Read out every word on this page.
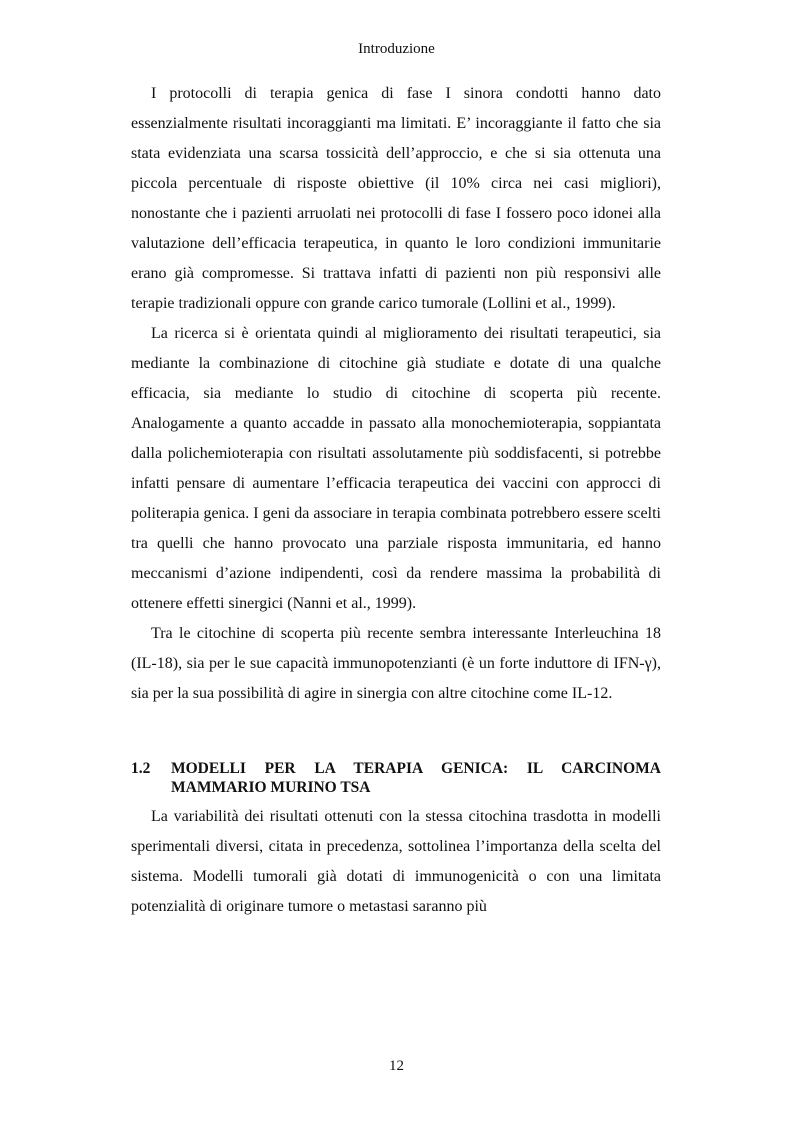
Introduzione

I protocolli di terapia genica di fase I sinora condotti hanno dato essenzialmente risultati incoraggianti ma limitati. E’ incoraggiante il fatto che sia stata evidenziata una scarsa tossicità dell’approccio, e che si sia ottenuta una piccola percentuale di risposte obiettive (il 10% circa nei casi migliori), nonostante che i pazienti arruolati nei protocolli di fase I fossero poco idonei alla valutazione dell’efficacia terapeutica, in quanto le loro condizioni immunitarie erano già compromesse. Si trattava infatti di pazienti non più responsivi alle terapie tradizionali oppure con grande carico tumorale (Lollini et al., 1999).

La ricerca si è orientata quindi al miglioramento dei risultati terapeutici, sia mediante la combinazione di citochine già studiate e dotate di una qualche efficacia, sia mediante lo studio di citochine di scoperta più recente. Analogamente a quanto accadde in passato alla monochemioterapia, soppiantata dalla polichemioterapia con risultati assolutamente più soddisfacenti, si potrebbe infatti pensare di aumentare l’efficacia terapeutica dei vaccini con approcci di politerapia genica. I geni da associare in terapia combinata potrebbero essere scelti tra quelli che hanno provocato una parziale risposta immunitaria, ed hanno meccanismi d’azione indipendenti, così da rendere massima la probabilità di ottenere effetti sinergici (Nanni et al., 1999).

Tra le citochine di scoperta più recente sembra interessante Interleuchina 18 (IL-18), sia per le sue capacità immunopotenzianti (è un forte induttore di IFN-γ), sia per la sua possibilità di agire in sinergia con altre citochine come IL-12.

1.2	MODELLI PER LA TERAPIA GENICA: IL CARCINOMA
MAMMARIO MURINO TSA

La variabilità dei risultati ottenuti con la stessa citochina trasdotta in modelli sperimentali diversi, citata in precedenza, sottolinea l’importanza della scelta del sistema. Modelli tumorali già dotati di immunogenicità o con una limitata potenzialità di originare tumore o metastasi saranno più

12
